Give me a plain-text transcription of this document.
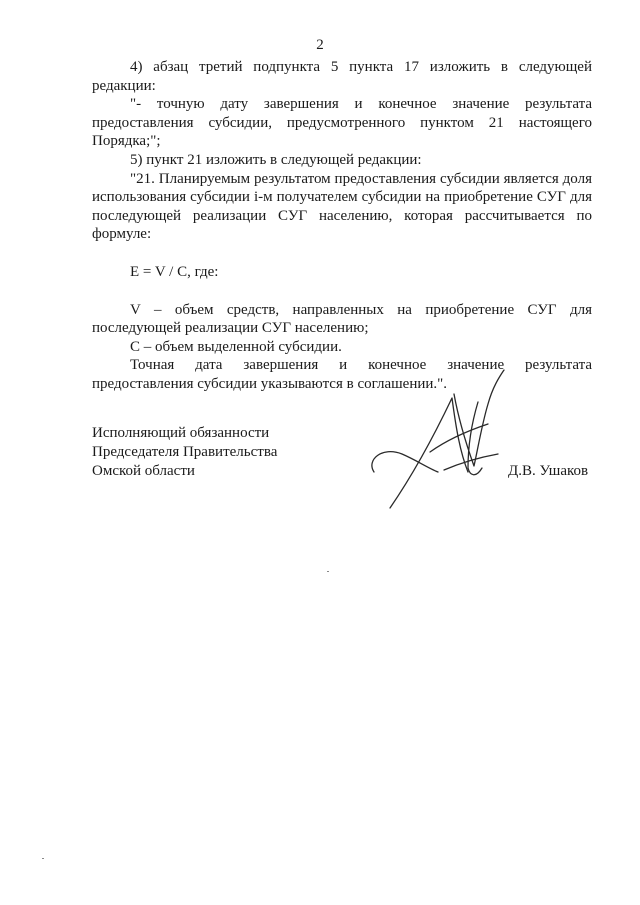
2

4) абзац третий подпункта 5 пункта 17 изложить в следующей редакции:

"- точную дату завершения и конечное значение результата предоставления субсидии, предусмотренного пунктом 21 настоящего Порядка;";

5) пункт 21 изложить в следующей редакции:

"21. Планируемым результатом предоставления субсидии является доля использования субсидии i-м получателем субсидии на приобретение СУГ для последующей реализации СУГ населению, которая рассчитывается по формуле:

E = V / C, где:

V – объем средств, направленных на приобретение СУГ для последующей реализации СУГ населению;

C – объем выделенной субсидии.

Точная дата завершения и конечное значение результата предоставления субсидии указываются в соглашении.".

Исполняющий обязанности
Председателя Правительства
Омской области	Д.В. Ушаков
